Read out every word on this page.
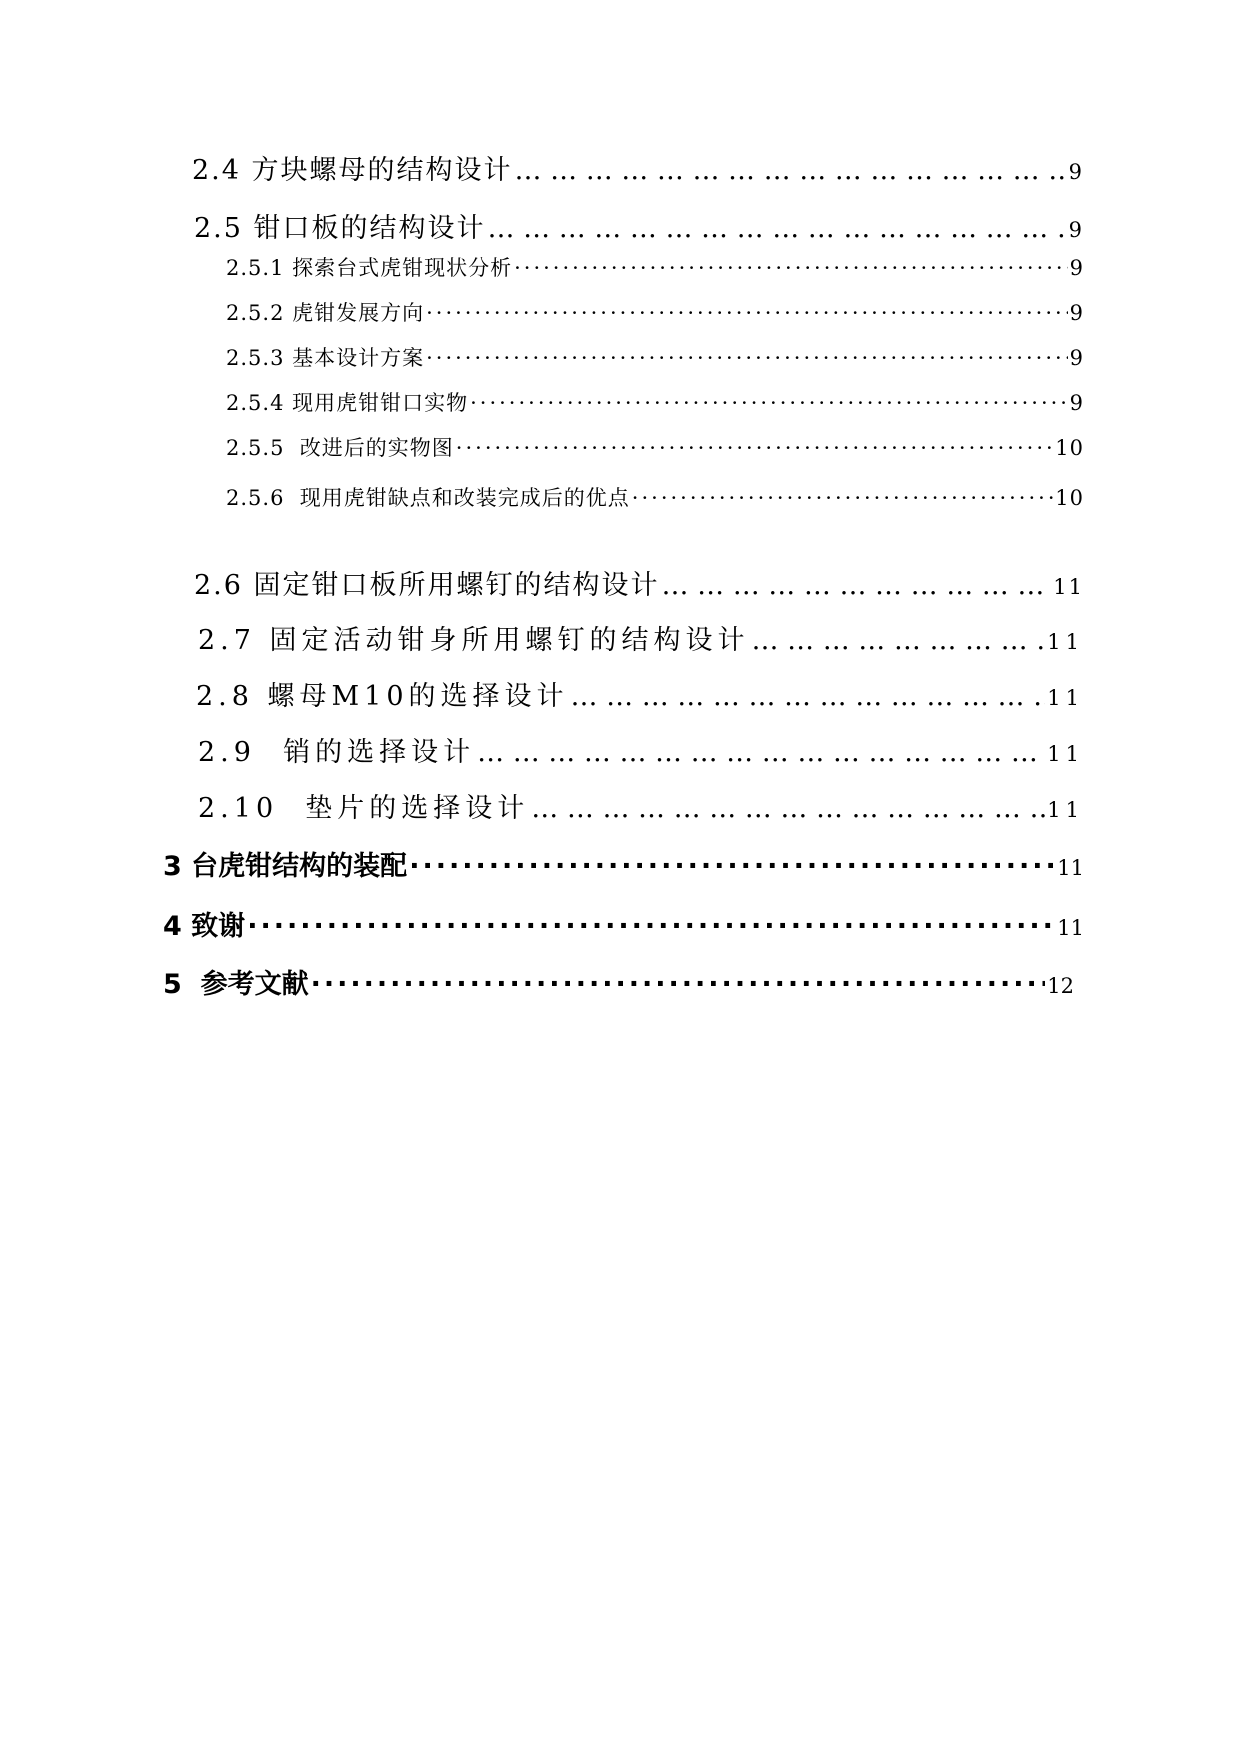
2.4 方块螺母的结构设计 … … … … … … … … … … … … … … … … … … … … … … … … … … … … … … … … … … … … … … … … … … … … … … … … … … … … … … … … … … … … … … … … … … … … … … … … … …	9
2.5 钳口板的结构设计 … … … … … … … … … … … … … … … … … … … … … … … … … … … … … … … … … … … … … … … … … … … … … … … … … … … … … … … … … … … … … … … … … … … … … … … … … …	9
2.5.1 探索台式虎钳现状分析 ·····	9
2.5.2 虎钳发展方向 ·····	9
2.5.3 基本设计方案 ·····	9
2.5.4 现用虎钳钳口实物 ·····	9
2.5.5  改进后的实物图 ·····	10
2.5.6  现用虎钳缺点和改装完成后的优点 ·····	10
2.6 固定钳口板所用螺钉的结构设计 … … … … … … … … … … … … … … … … … … … … … … … … … … … … … … … … … … … … … … … … … … … … … … … … … … … … … … … … … … … … … … … … … … … … … … … … … …	11
2.7 固定活动钳身所用螺钉的结构设计 … … … … … … … … … … … … … … … … … … … … … … … … … … … … … … … … … … … … … … … … … … … … … … … … … … … … … … … … … … … … … … … … … … … … … … … … … …	11
2.8 螺母M10的选择设计 … … … … … … … … … … … … … … … … … … … … … … … … … … … … … … … … … … … … … … … … … … … … … … … … … … … … … … … … … … … … … … … … … … … … … … … … … …	11
2.9  销的选择设计 … … … … … … … … … … … … … … … … … … … … … … … … … … … … … … … … … … … … … … … … … … … … … … … … … … … … … … … … … … … … … … … … … … … … … … … … … …	11
2.10  垫片的选择设计 … … … … … … … … … … … … … … … … … … … … … … … … … … … … … … … … … … … … … … … … … … … … … … … … … … … … … … … … … … … … … … … … … … … … … … … … … …	11
3 台虎钳结构的装配 ·····	11
4 致谢 ·····	11
5  参考文献 ·····	12
